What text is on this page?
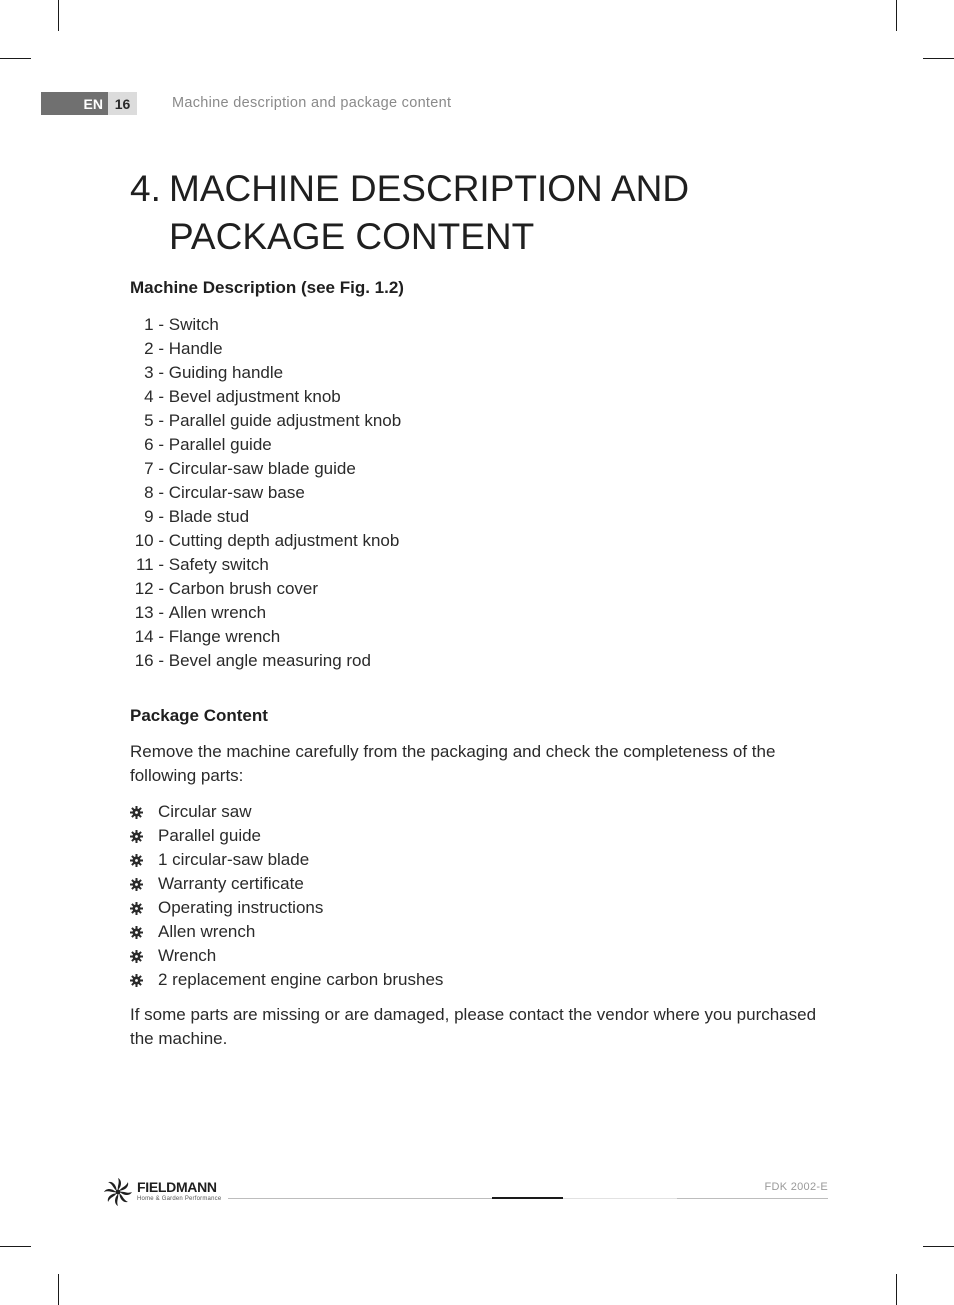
EN 16	Machine description and package content
4. MACHINE DESCRIPTION AND
PACKAGE CONTENT
Machine Description (see Fig. 1.2)
1 -
Switch
2 -
Handle
3 -
Guiding handle
4 -
Bevel adjustment knob
5 -
Parallel guide adjustment knob
6 -
Parallel guide
7 -
Circular-saw blade guide
8 -
Circular-saw base
9 -
Blade stud
10 -
Cutting depth adjustment knob
11 -
Safety switch
12 -
Carbon brush cover
13 -
Allen wrench
14 -
Flange wrench
16 -
Bevel angle measuring rod
Package Content

Remove the machine carefully from the packaging and check the completeness of the following parts:

Circular saw
Parallel guide
1 circular-saw blade
Warranty certificate
Operating instructions
Allen wrench
Wrench
2 replacement engine carbon brushes

If some parts are missing or are damaged, please contact the vendor where you purchased the machine.

FIELDMANN
Home & Garden Performance
FDK 2002-E
